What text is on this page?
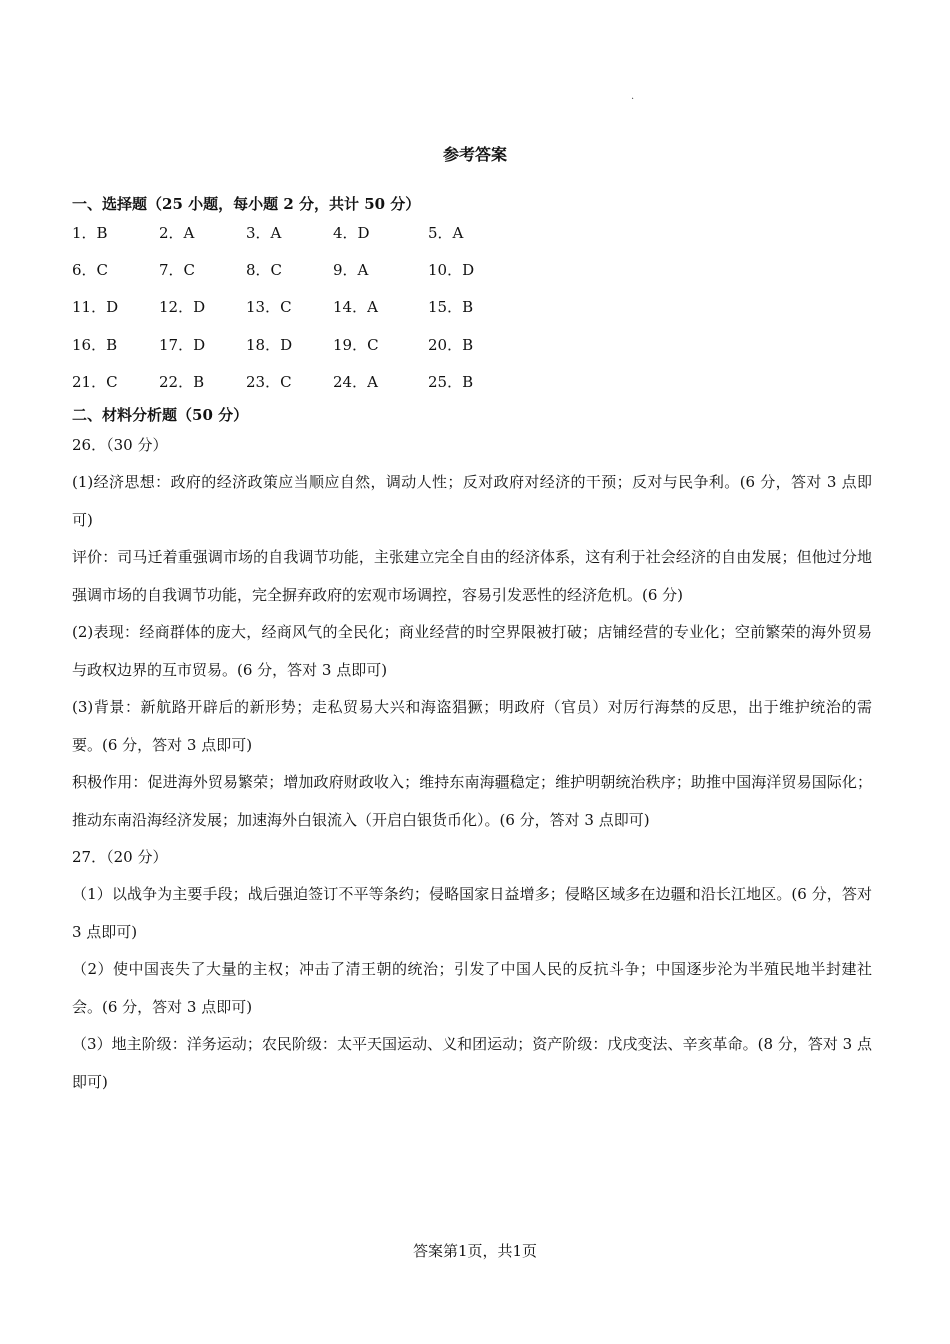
·
参考答案
一、选择题（25 小题，每小题 2 分，共计 50 分）
1．B	2．A	3．A	4．D	5．A
6．C	7．C	8．C	9．A	10．D
11．D	12．D	13．C	14．A	15．B
16．B	17．D	18．D	19．C	20．B
21．C	22．B	23．C	24．A	25．B
二、材料分析题（50 分）
26．（30 分）
(1)经济思想：政府的经济政策应当顺应自然，调动人性；反对政府对经济的干预；反对与民争利。(6 分，答对 3 点即可)
评价：司马迁着重强调市场的自我调节功能，主张建立完全自由的经济体系，这有利于社会经济的自由发展；但他过分地强调市场的自我调节功能，完全摒弃政府的宏观市场调控，容易引发恶性的经济危机。(6 分)
(2)表现：经商群体的庞大，经商风气的全民化；商业经营的时空界限被打破；店铺经营的专业化；空前繁荣的海外贸易与政权边界的互市贸易。(6 分，答对 3 点即可)
(3)背景：新航路开辟后的新形势；走私贸易大兴和海盗猖獗；明政府（官员）对厉行海禁的反思，出于维护统治的需要。(6 分，答对 3 点即可)
积极作用：促进海外贸易繁荣；增加政府财政收入；维持东南海疆稳定；维护明朝统治秩序；助推中国海洋贸易国际化；推动东南沿海经济发展；加速海外白银流入（开启白银货币化）。(6 分，答对 3 点即可)
27．（20 分）
（1）以战争为主要手段；战后强迫签订不平等条约；侵略国家日益增多；侵略区域多在边疆和沿长江地区。(6 分，答对 3 点即可)
（2）使中国丧失了大量的主权；冲击了清王朝的统治；引发了中国人民的反抗斗争；中国逐步沦为半殖民地半封建社会。(6 分，答对 3 点即可)
（3）地主阶级：洋务运动；农民阶级：太平天国运动、义和团运动；资产阶级：戊戌变法、辛亥革命。(8 分，答对 3 点即可)
答案第1页，共1页
